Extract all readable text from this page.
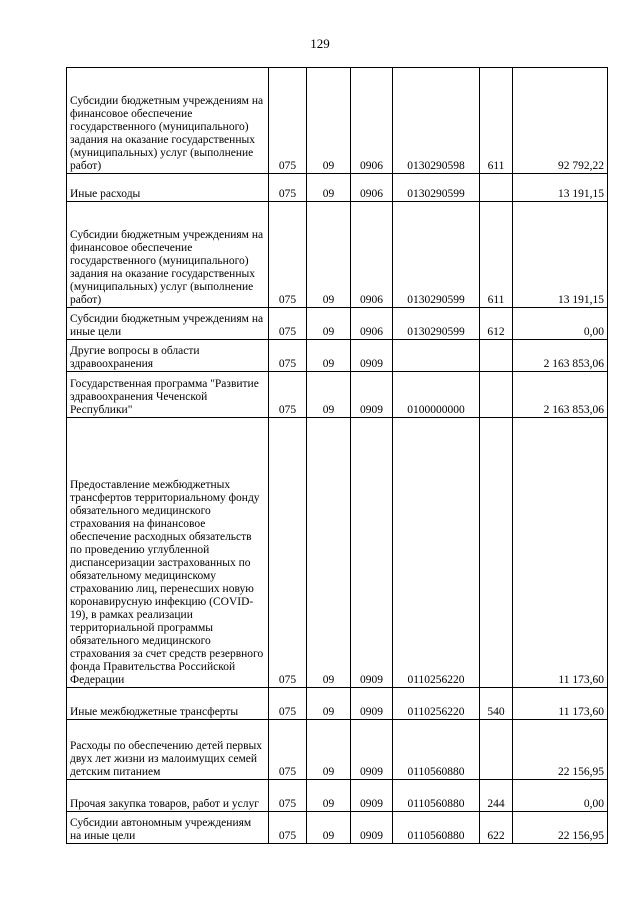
129
Субсидии бюджетным учреждениям на финансовое обеспечение государственного (муниципального) задания на оказание государственных (муниципальных) услуг (выполнение работ)	075	09	0906	0130290598	611	92 792,22
Иные расходы	075	09	0906	0130290599		13 191,15
Субсидии бюджетным учреждениям на финансовое обеспечение государственного (муниципального) задания на оказание государственных (муниципальных) услуг (выполнение работ)	075	09	0906	0130290599	611	13 191,15
Субсидии бюджетным учреждениям на иные цели	075	09	0906	0130290599	612	0,00
Другие вопросы в области здравоохранения	075	09	0909			2 163 853,06
Государственная программа "Развитие здравоохранения Чеченской Республики"	075	09	0909	0100000000		2 163 853,06
Предоставление межбюджетных трансфертов территориальному фонду обязательного медицинского страхования на финансовое обеспечение расходных обязательств по проведению углубленной диспансеризации застрахованных по обязательному медицинскому страхованию лиц, перенесших новую коронавирусную инфекцию (COVID-19), в рамках реализации территориальной программы обязательного медицинского страхования за счет средств резервного фонда Правительства Российской Федерации	075	09	0909	0110256220		11 173,60
Иные межбюджетные трансферты	075	09	0909	0110256220	540	11 173,60
Расходы по обеспечению детей первых двух лет жизни из малоимущих семей детским питанием	075	09	0909	0110560880		22 156,95
Прочая закупка товаров, работ и услуг	075	09	0909	0110560880	244	0,00
Субсидии автономным учреждениям на иные цели	075	09	0909	0110560880	622	22 156,95
